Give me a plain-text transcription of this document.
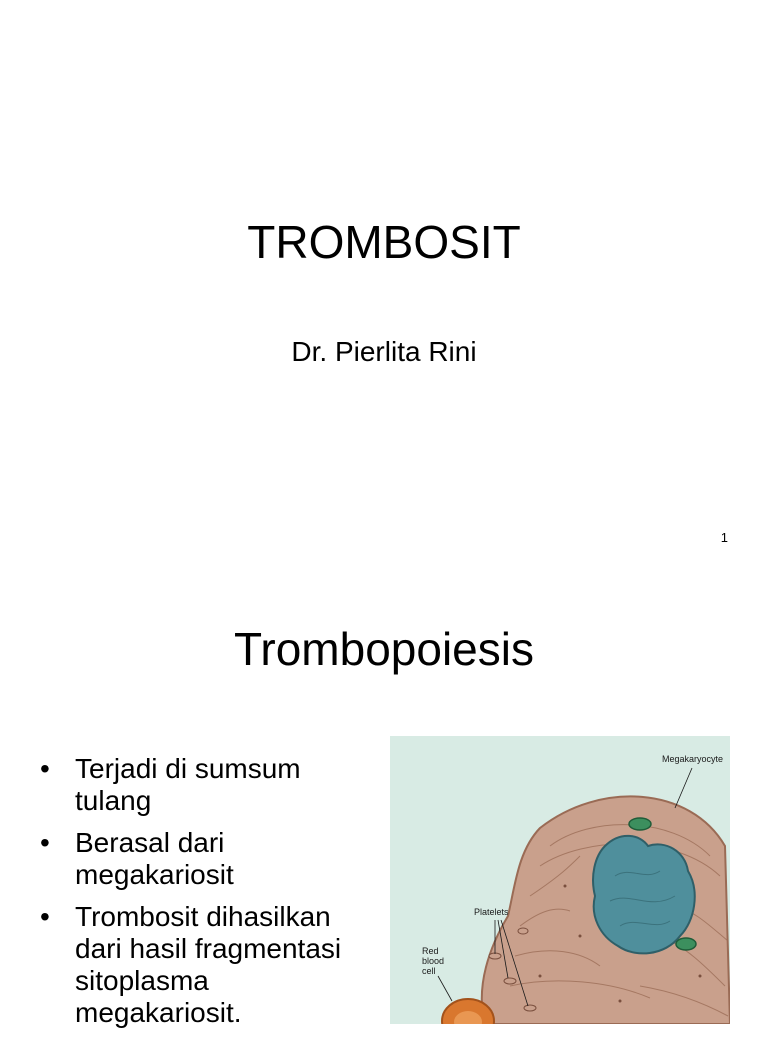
TROMBOSIT
Dr. Pierlita Rini
1
Trombopoiesis
• Terjadi di sumsum tulang
• Berasal dari megakariosit
• Trombosit dihasilkan dari hasil fragmentasi sitoplasma megakariosit.
Megakaryocyte
Platelets
Red blood cell
